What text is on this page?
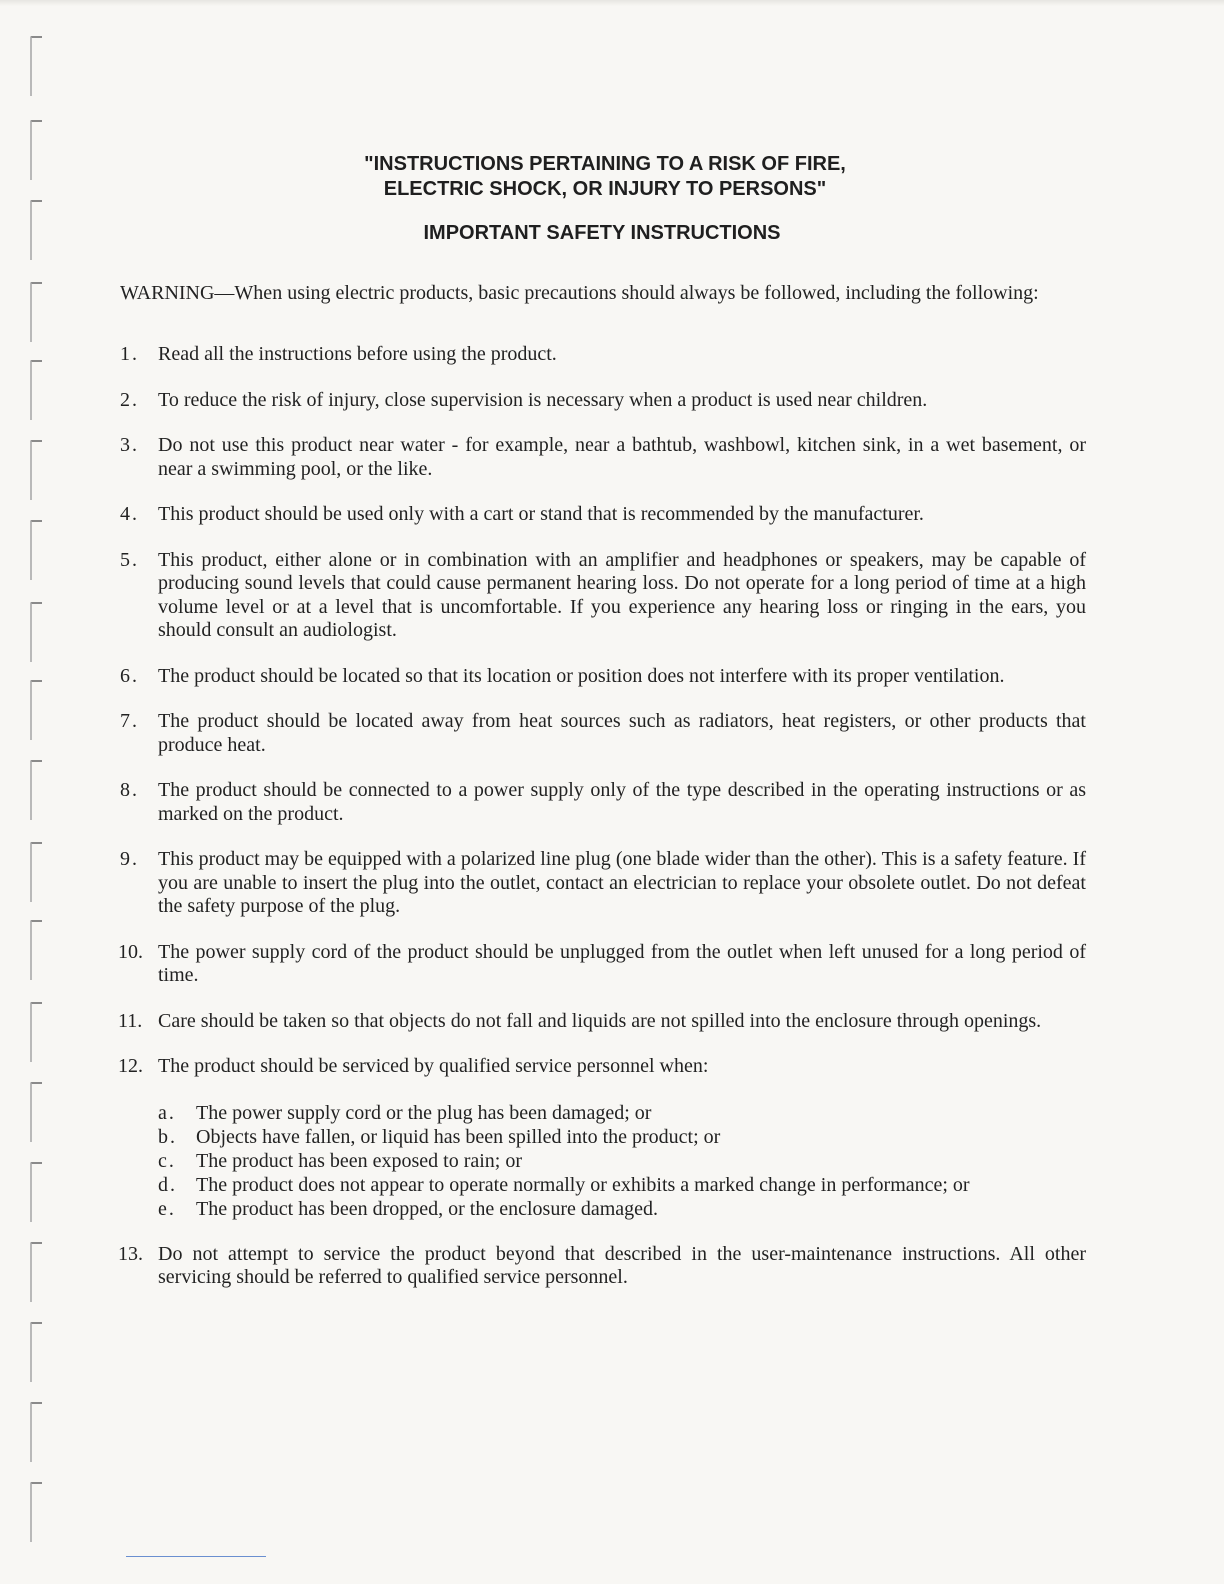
"INSTRUCTIONS PERTAINING TO A RISK OF FIRE,
ELECTRIC SHOCK, OR INJURY TO PERSONS"
IMPORTANT SAFETY INSTRUCTIONS
WARNING—When using electric products, basic precautions should always be followed, including the following:
1. Read all the instructions before using the product.
2. To reduce the risk of injury, close supervision is necessary when a product is used near children.
3. Do not use this product near water - for example, near a bathtub, washbowl, kitchen sink, in a wet basement, or near a swimming pool, or the like.
4. This product should be used only with a cart or stand that is recommended by the manufacturer.
5. This product, either alone or in combination with an amplifier and headphones or speakers, may be capable of producing sound levels that could cause permanent hearing loss. Do not operate for a long period of time at a high volume level or at a level that is uncomfortable. If you experience any hearing loss or ringing in the ears, you should consult an audiologist.
6. The product should be located so that its location or position does not interfere with its proper ventilation.
7. The product should be located away from heat sources such as radiators, heat registers, or other products that produce heat.
8. The product should be connected to a power supply only of the type described in the operating instructions or as marked on the product.
9. This product may be equipped with a polarized line plug (one blade wider than the other). This is a safety feature. If you are unable to insert the plug into the outlet, contact an electrician to replace your obsolete outlet. Do not defeat the safety purpose of the plug.
10. The power supply cord of the product should be unplugged from the outlet when left unused for a long period of time.
11. Care should be taken so that objects do not fall and liquids are not spilled into the enclosure through openings.
12. The product should be serviced by qualified service personnel when:
a. The power supply cord or the plug has been damaged; or
b. Objects have fallen, or liquid has been spilled into the product; or
c. The product has been exposed to rain; or
d. The product does not appear to operate normally or exhibits a marked change in performance; or
e. The product has been dropped, or the enclosure damaged.
13. Do not attempt to service the product beyond that described in the user-maintenance instructions. All other servicing should be referred to qualified service personnel.
